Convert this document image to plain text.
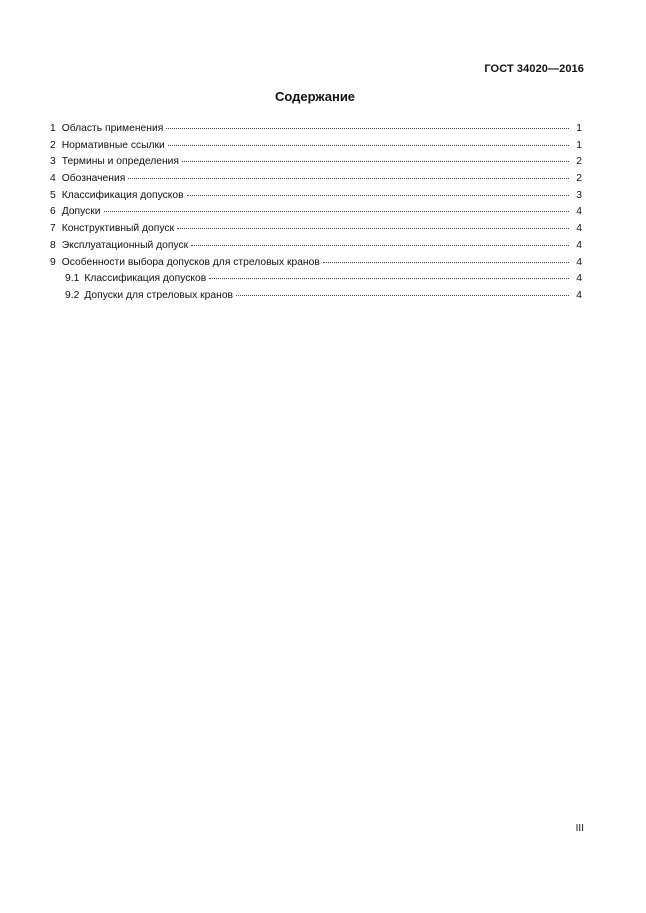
ГОСТ 34020—2016
Содержание
1 Область применения	1
2 Нормативные ссылки	1
3 Термины и определения	2
4 Обозначения	2
5 Классификация допусков	3
6 Допуски	4
7 Конструктивный допуск	4
8 Эксплуатационный допуск	4
9 Особенности выбора допусков для стреловых кранов	4
9.1 Классификация допусков	4
9.2 Допуски для стреловых кранов	4
III
